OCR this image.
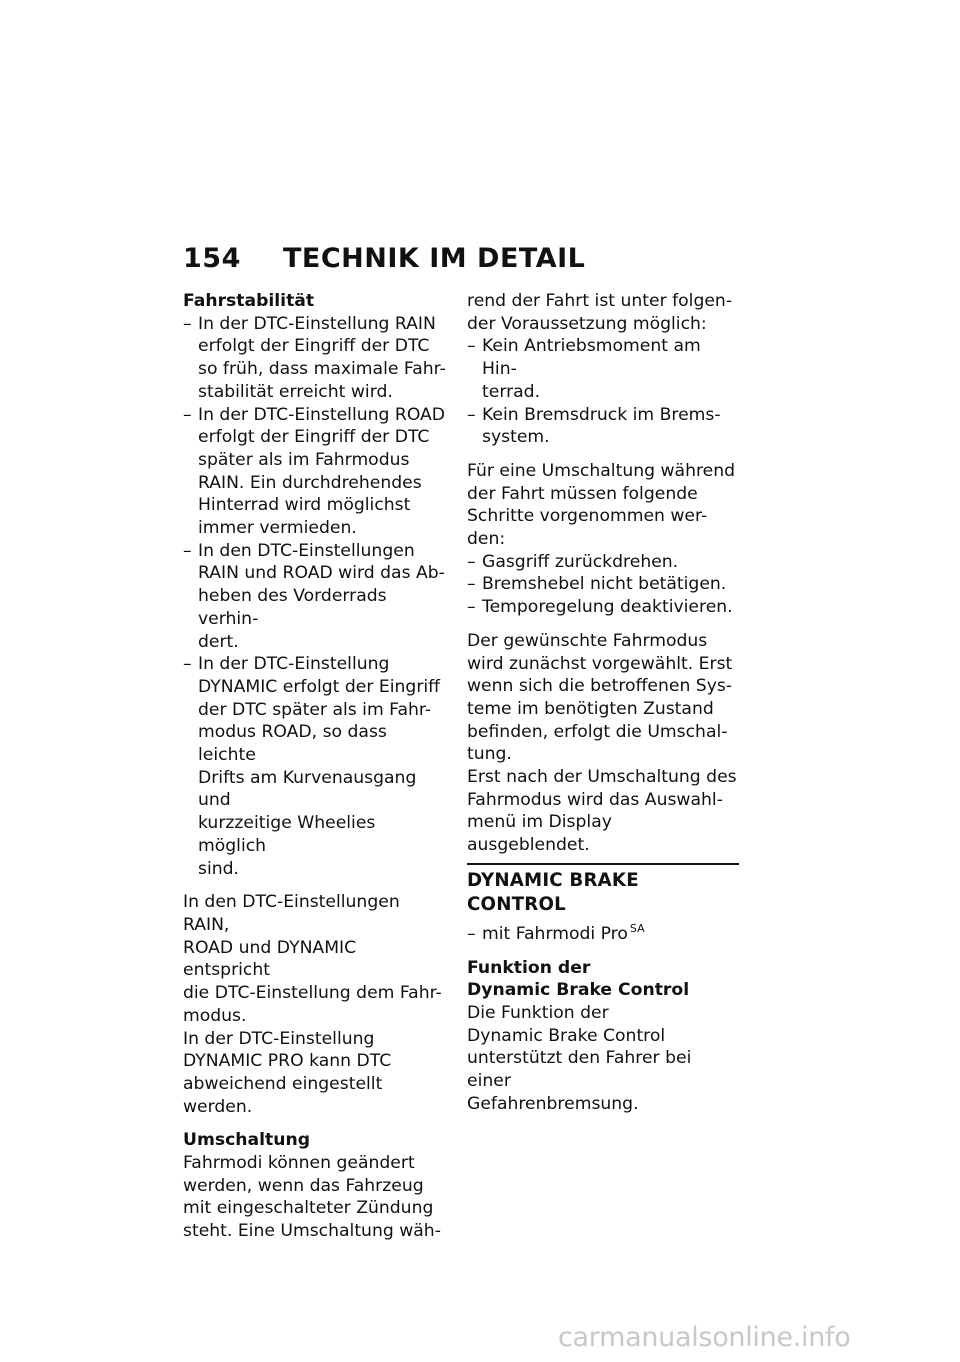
154 TECHNIK IM DETAIL
Fahrstabilität
– In der DTC-Einstellung RAIN
erfolgt der Eingriff der DTC
so früh, dass maximale Fahr-
stabilität erreicht wird.
– In der DTC-Einstellung ROAD
erfolgt der Eingriff der DTC
später als im Fahrmodus
RAIN. Ein durchdrehendes
Hinterrad wird möglichst
immer vermieden.
– In den DTC-Einstellungen
RAIN und ROAD wird das Ab-
heben des Vorderrads verhin-
dert.
– In der DTC-Einstellung
DYNAMIC erfolgt der Eingriff
der DTC später als im Fahr-
modus ROAD, so dass leichte
Drifts am Kurvenausgang und
kurzzeitige Wheelies möglich
sind.
In den DTC-Einstellungen RAIN,
ROAD und DYNAMIC entspricht
die DTC-Einstellung dem Fahr-
modus.
In der DTC-Einstellung
DYNAMIC PRO kann DTC
abweichend eingestellt werden.
Umschaltung
Fahrmodi können geändert
werden, wenn das Fahrzeug
mit eingeschalteter Zündung
steht. Eine Umschaltung wäh-
rend der Fahrt ist unter folgen-
der Voraussetzung möglich:
– Kein Antriebsmoment am Hin-
terrad.
– Kein Bremsdruck im Brems-
system.
Für eine Umschaltung während
der Fahrt müssen folgende
Schritte vorgenommen wer-
den:
– Gasgriff zurückdrehen.
– Bremshebel nicht betätigen.
– Temporegelung deaktivieren.
Der gewünschte Fahrmodus
wird zunächst vorgewählt. Erst
wenn sich die betroffenen Sys-
teme im benötigten Zustand
befinden, erfolgt die Umschal-
tung.
Erst nach der Umschaltung des
Fahrmodus wird das Auswahl-
menü im Display ausgeblendet.
DYNAMIC BRAKE CONTROL
– mit Fahrmodi Pro $^{SA}$
Funktion der
Dynamic Brake Control
Die Funktion der
Dynamic Brake Control
unterstützt den Fahrer bei einer
Gefahrenbremsung.
carmanualsonline.info
